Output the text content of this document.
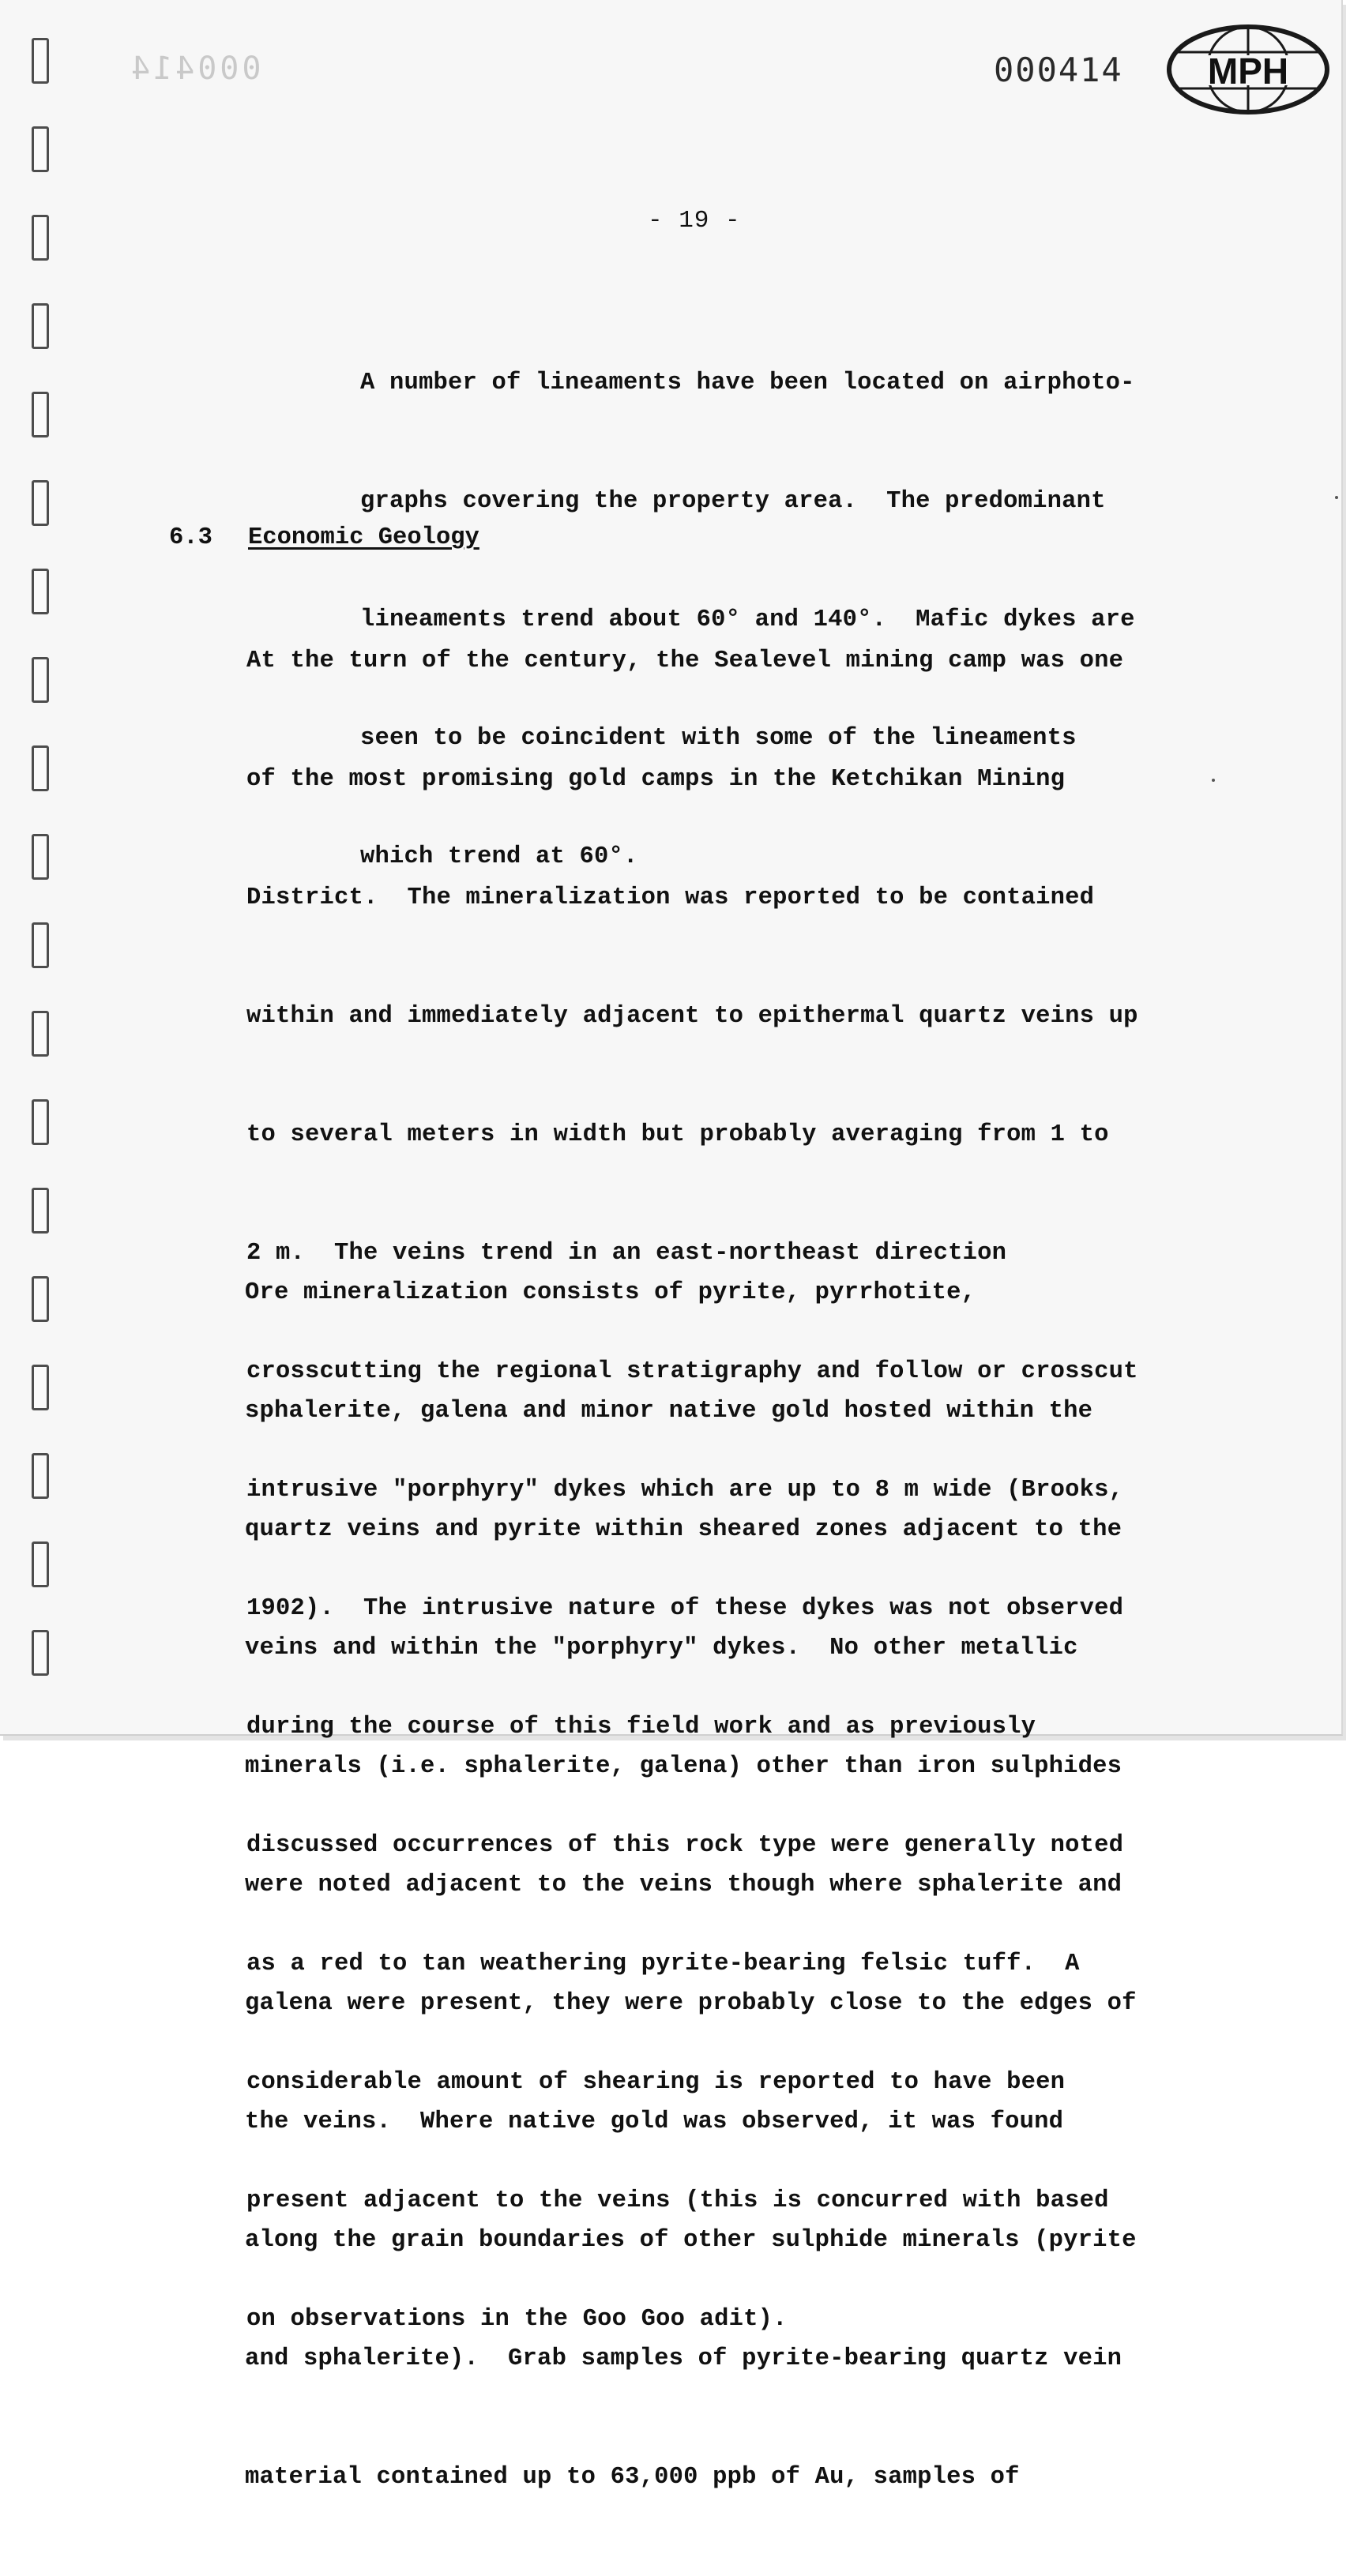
000414	000414 MPH
- 19 -

A number of lineaments have been located on airphoto-

graphs covering the property area.  The predominant

lineaments trend about 60° and 140°.  Mafic dykes are

seen to be coincident with some of the lineaments

which trend at 60°.

6.3 Economic Geology

At the turn of the century, the Sealevel mining camp was one

of the most promising gold camps in the Ketchikan Mining

District.  The mineralization was reported to be contained

within and immediately adjacent to epithermal quartz veins up

to several meters in width but probably averaging from 1 to

2 m.  The veins trend in an east-northeast direction

crosscutting the regional stratigraphy and follow or crosscut

intrusive "porphyry" dykes which are up to 8 m wide (Brooks,

1902).  The intrusive nature of these dykes was not observed

during the course of this field work and as previously

discussed occurrences of this rock type were generally noted

as a red to tan weathering pyrite-bearing felsic tuff.  A

considerable amount of shearing is reported to have been

present adjacent to the veins (this is concurred with based

on observations in the Goo Goo adit).

Ore mineralization consists of pyrite, pyrrhotite,

sphalerite, galena and minor native gold hosted within the

quartz veins and pyrite within sheared zones adjacent to the

veins and within the "porphyry" dykes.  No other metallic

minerals (i.e. sphalerite, galena) other than iron sulphides

were noted adjacent to the veins though where sphalerite and

galena were present, they were probably close to the edges of

the veins.  Where native gold was observed, it was found

along the grain boundaries of other sulphide minerals (pyrite

and sphalerite).  Grab samples of pyrite-bearing quartz vein

material contained up to 63,000 ppb of Au, samples of
